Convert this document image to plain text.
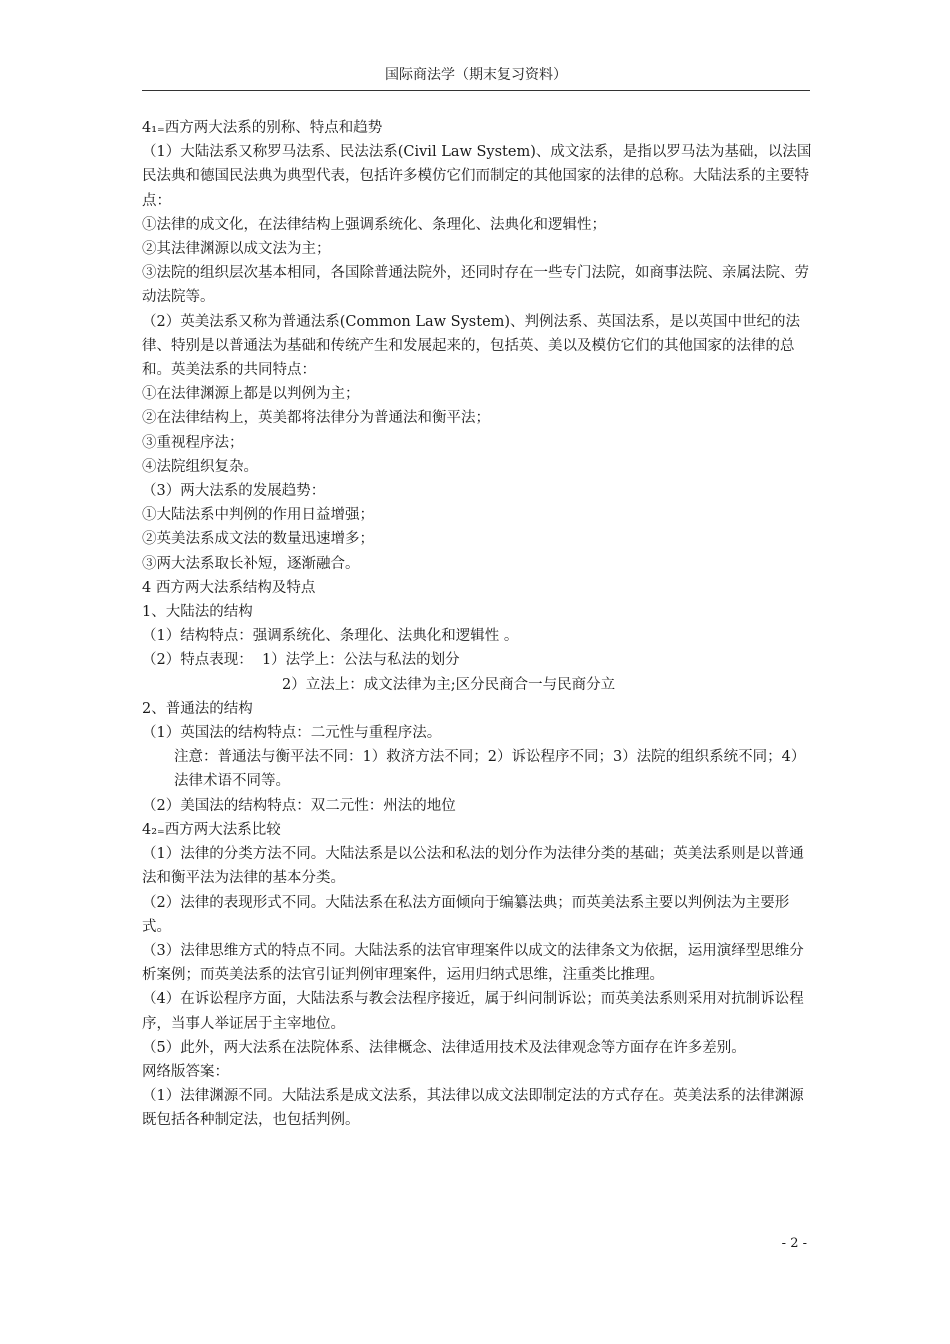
国际商法学（期末复习资料）

4₁₌西方两大法系的别称、特点和趋势

（1）大陆法系又称罗马法系、民法法系(Civil Law System)、成文法系，是指以罗马法为基础，以法国民法典和德国民法典为典型代表，包括许多模仿它们而制定的其他国家的法律的总称。大陆法系的主要特点：

①法律的成文化，在法律结构上强调系统化、条理化、法典化和逻辑性；

②其法律渊源以成文法为主；

③法院的组织层次基本相同，各国除普通法院外，还同时存在一些专门法院，如商事法院、亲属法院、劳动法院等。

（2）英美法系又称为普通法系(Common Law System)、判例法系、英国法系，是以英国中世纪的法律、特别是以普通法为基础和传统产生和发展起来的，包括英、美以及模仿它们的其他国家的法律的总和。英美法系的共同特点：

①在法律渊源上都是以判例为主；

②在法律结构上，英美都将法律分为普通法和衡平法；

③重视程序法；

④法院组织复杂。

（3）两大法系的发展趋势：

①大陆法系中判例的作用日益增强；

②英美法系成文法的数量迅速增多；

③两大法系取长补短，逐渐融合。

4 西方两大法系结构及特点

1、大陆法的结构

（1）结构特点：强调系统化、条理化、法典化和逻辑性 。

（2）特点表现：  1）法学上：公法与私法的划分

2）立法上：成文法律为主;区分民商合一与民商分立

2、普通法的结构

（1）英国法的结构特点：二元性与重程序法。

注意：普通法与衡平法不同：1）救济方法不同；2）诉讼程序不同；3）法院的组织系统不同；4）法律术语不同等。

（2）美国法的结构特点：双二元性：州法的地位

4₂₌西方两大法系比较

（1）法律的分类方法不同。大陆法系是以公法和私法的划分作为法律分类的基础；英美法系则是以普通法和衡平法为法律的基本分类。

（2）法律的表现形式不同。大陆法系在私法方面倾向于编纂法典；而英美法系主要以判例法为主要形式。

（3）法律思维方式的特点不同。大陆法系的法官审理案件以成文的法律条文为依据，运用演绎型思维分析案例；而英美法系的法官引证判例审理案件，运用归纳式思维，注重类比推理。

（4）在诉讼程序方面，大陆法系与教会法程序接近，属于纠问制诉讼；而英美法系则采用对抗制诉讼程序，当事人举证居于主宰地位。

（5）此外，两大法系在法院体系、法律概念、法律适用技术及法律观念等方面存在许多差别。

网络版答案：

（1）法律渊源不同。大陆法系是成文法系，其法律以成文法即制定法的方式存在。英美法系的法律渊源既包括各种制定法，也包括判例。

- 2 -
